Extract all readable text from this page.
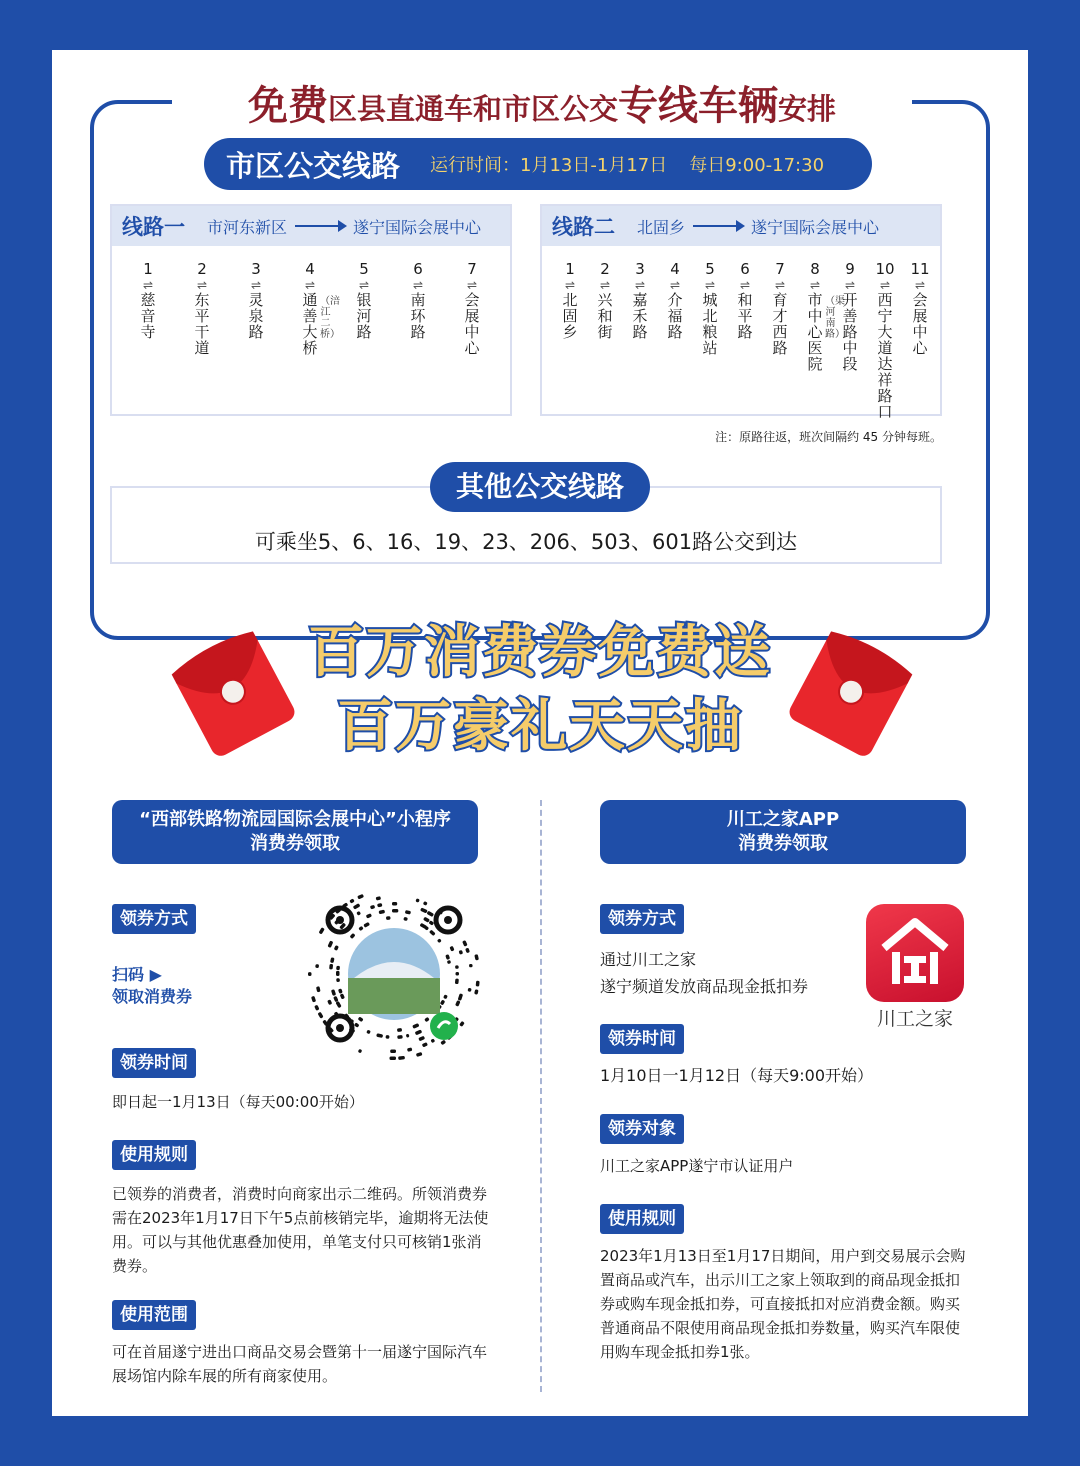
免费区县直通车和市区公交专线车辆安排
市区公交线路 运行时间：1月13日-1月17日 每日9:00-17:30
线路一 市河东新区	遂宁国际会展中心
1
⇌
慈音寺
2
⇌
东平干道
3
⇌
灵泉路
4
⇌
通善大桥
（涪江二桥）
5
⇌
银河路
6
⇌
南环路
7
⇌
会展中心
线路二 北固乡	遂宁国际会展中心
1
⇌
北固乡
2
⇌
兴和街
3
⇌
嘉禾路
4
⇌
介福路
5
⇌
城北粮站
6
⇌
和平路
7
⇌
育才西路
8
⇌
市中心医院
（渠河南路）
9
⇌
开善路中段
10
⇌
西宁大道达祥路口
11
⇌
会展中心
注：原路往返，班次间隔约 45 分钟每班。
可乘坐5、6、16、19、23、206、503、601路公交到达
其他公交线路
百万消费券免费送
百万豪礼天天抽
“西部铁路物流园国际会展中心”小程序
消费券领取
领券方式
扫码 ▶
领取消费券
领券时间
即日起一1月13日（每天00:00开始）
使用规则
已领券的消费者，消费时向商家出示二维码。所领消费券需在2023年1月17日下午5点前核销完毕，逾期将无法使用。可以与其他优惠叠加使用，单笔支付只可核销1张消费券。
使用范围
可在首届遂宁进出口商品交易会暨第十一届遂宁国际汽车展场馆内除车展的所有商家使用。
川工之家APP
消费券领取
领券方式
通过川工之家
遂宁频道发放商品现金抵扣券
川工之家
领券时间
1月10日一1月12日（每天9:00开始）
领券对象
川工之家APP遂宁市认证用户
使用规则
2023年1月13日至1月17日期间，用户到交易展示会购置商品或汽车，出示川工之家上领取到的商品现金抵扣券或购车现金抵扣券，可直接抵扣对应消费金额。购买普通商品不限使用商品现金抵扣券数量，购买汽车限使用购车现金抵扣券1张。
